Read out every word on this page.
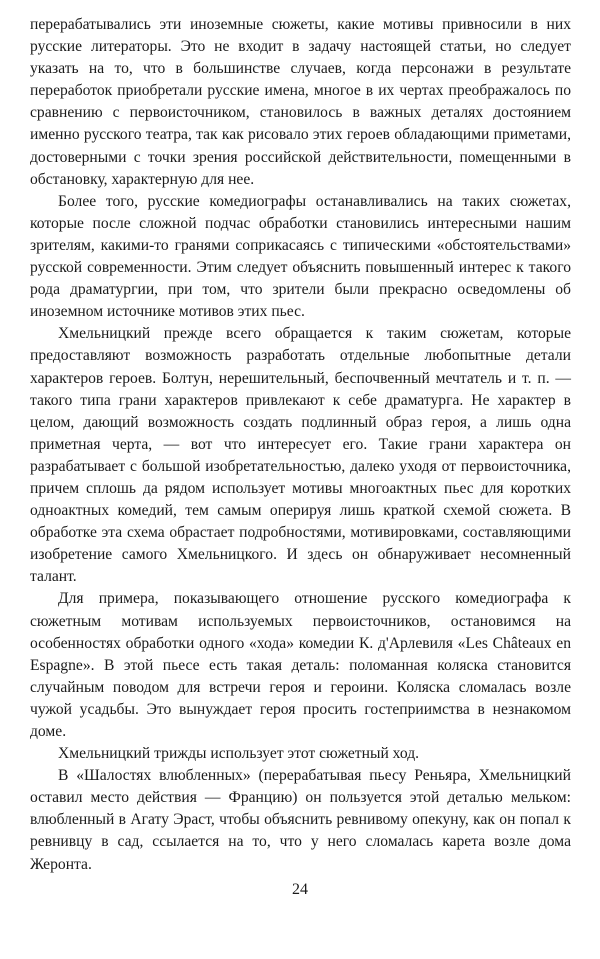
перерабатывались эти иноземные сюжеты, какие мотивы привносили в них русские литераторы. Это не входит в задачу настоящей статьи, но следует указать на то, что в большинстве случаев, когда персонажи в результате переработок приобретали русские имена, многое в их чертах преображалось по сравнению с первоисточником, становилось в важных деталях достоянием именно русского театра, так как рисовало этих героев обладающими приметами, достоверными с точки зрения российской действительности, помещенными в обстановку, характерную для нее.

Более того, русские комедиографы останавливались на таких сюжетах, которые после сложной подчас обработки становились интересными нашим зрителям, какими-то гранями соприкасаясь с типическими «обстоятельствами» русской современности. Этим следует объяснить повышенный интерес к такого рода драматургии, при том, что зрители были прекрасно осведомлены об иноземном источнике мотивов этих пьес.

Хмельницкий прежде всего обращается к таким сюжетам, которые предоставляют возможность разработать отдельные любопытные детали характеров героев. Болтун, нерешительный, беспочвенный мечтатель и т. п. — такого типа грани характеров привлекают к себе драматурга. Не характер в целом, дающий возможность создать подлинный образ героя, а лишь одна приметная черта, — вот что интересует его. Такие грани характера он разрабатывает с большой изобретательностью, далеко уходя от первоисточника, причем сплошь да рядом использует мотивы многоактных пьес для коротких одноактных комедий, тем самым оперируя лишь краткой схемой сюжета. В обработке эта схема обрастает подробностями, мотивировками, составляющими изобретение самого Хмельницкого. И здесь он обнаруживает несомненный талант.

Для примера, показывающего отношение русского комедиографа к сюжетным мотивам используемых первоисточников, остановимся на особенностях обработки одного «хода» комедии К. д'Арлевиля «Les Châteaux en Espagne». В этой пьесе есть такая деталь: поломанная коляска становится случайным поводом для встречи героя и героини. Коляска сломалась возле чужой усадьбы. Это вынуждает героя просить гостеприимства в незнакомом доме.

Хмельницкий трижды использует этот сюжетный ход.

В «Шалостях влюбленных» (перерабатывая пьесу Реньяра, Хмельницкий оставил место действия — Францию) он пользуется этой деталью мельком: влюбленный в Агату Эраст, чтобы объяснить ревнивому опекуну, как он попал к ревнивцу в сад, ссылается на то, что у него сломалась карета возле дома Жеронта.

24
